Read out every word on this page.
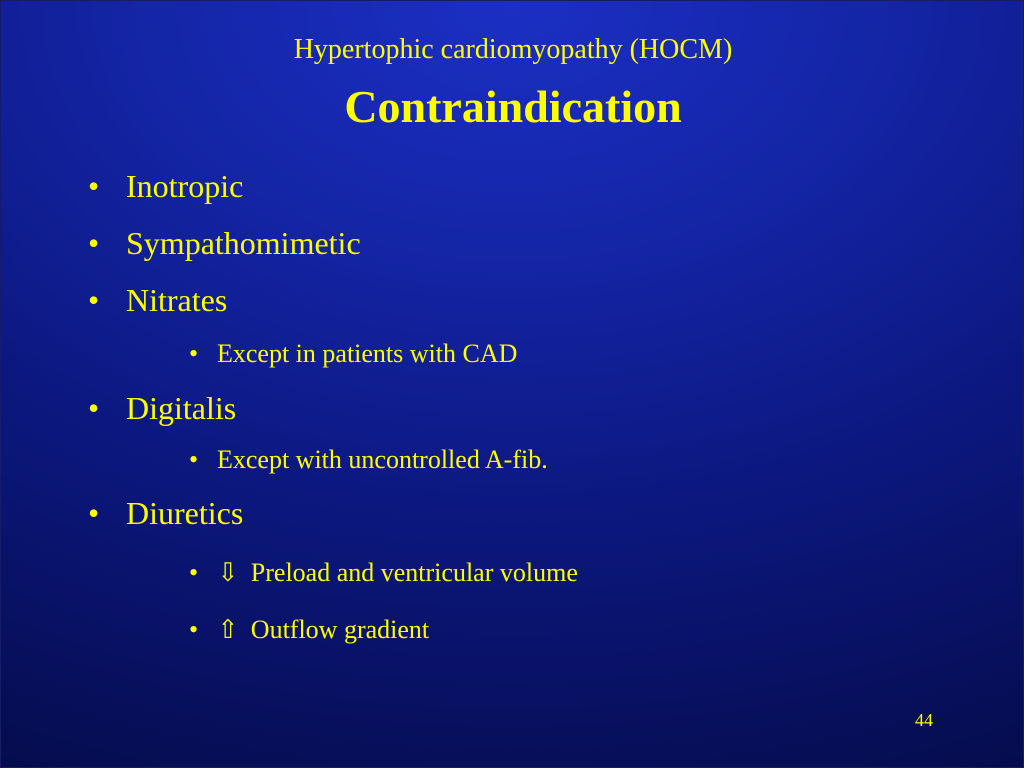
Hypertophic cardiomyopathy (HOCM)
Contraindication
• Inotropic
• Sympathomimetic
• Nitrates
• Except in patients with CAD
• Digitalis
• Except with uncontrolled A-fib.
• Diuretics
• ⇩ Preload and ventricular volume
• ⇧ Outflow gradient
44
